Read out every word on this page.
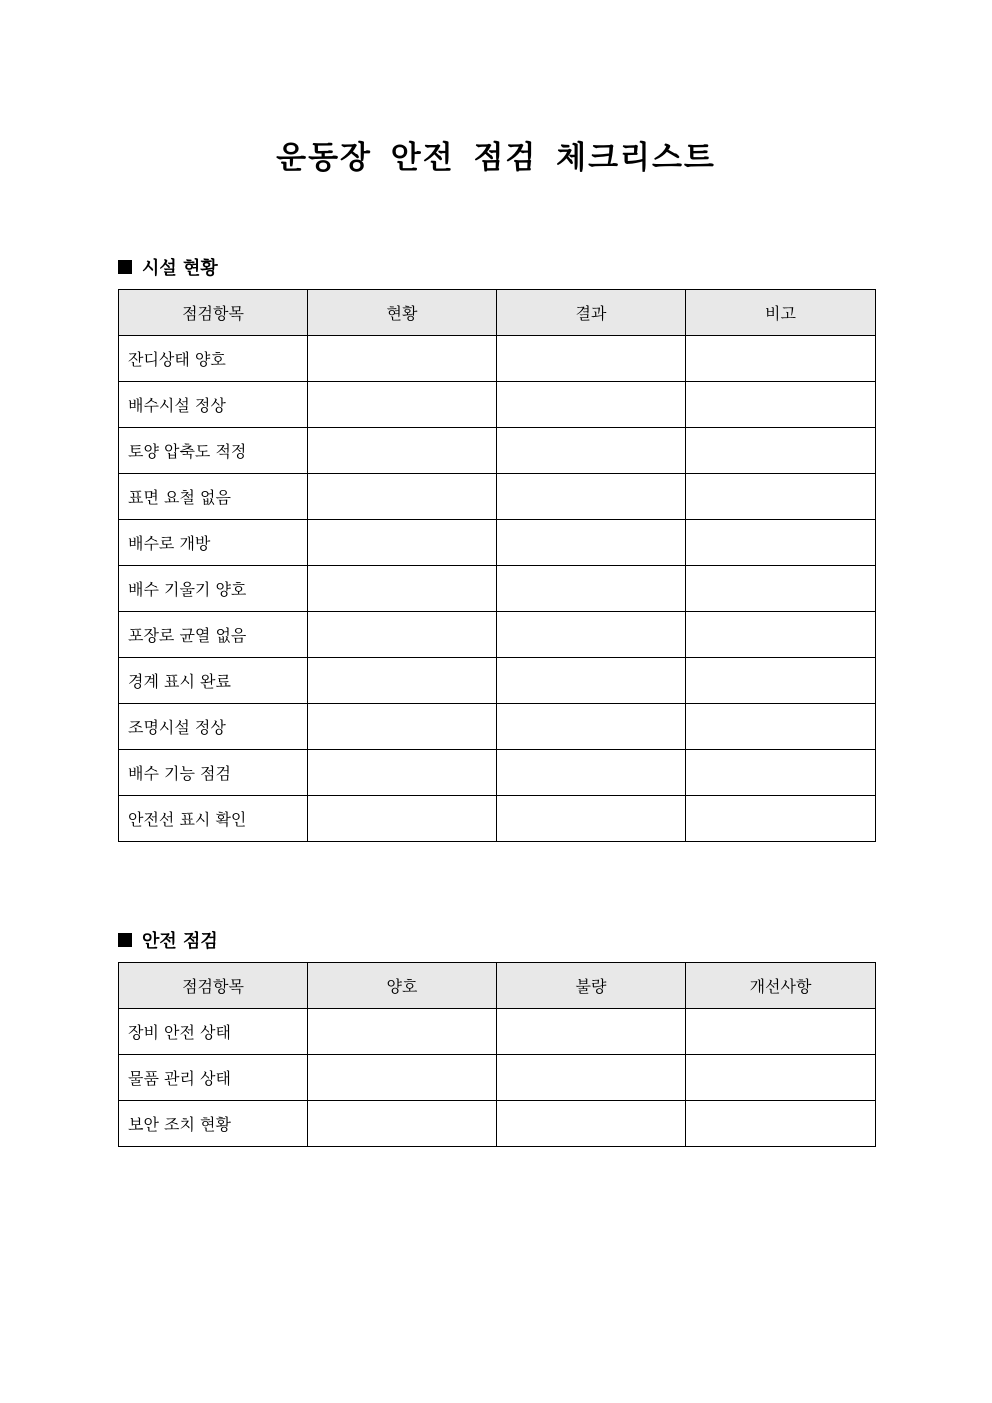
운동장 안전 점검 체크리스트
시설 현황
점검항목	현황	결과	비고
잔디상태 양호			
배수시설 정상			
토양 압축도 적정			
표면 요철 없음			
배수로 개방			
배수 기울기 양호			
포장로 균열 없음			
경계 표시 완료			
조명시설 정상			
배수 기능 점검			
안전선 표시 확인			
안전 점검
점검항목	양호	불량	개선사항
장비 안전 상태			
물품 관리 상태			
보안 조치 현황			
